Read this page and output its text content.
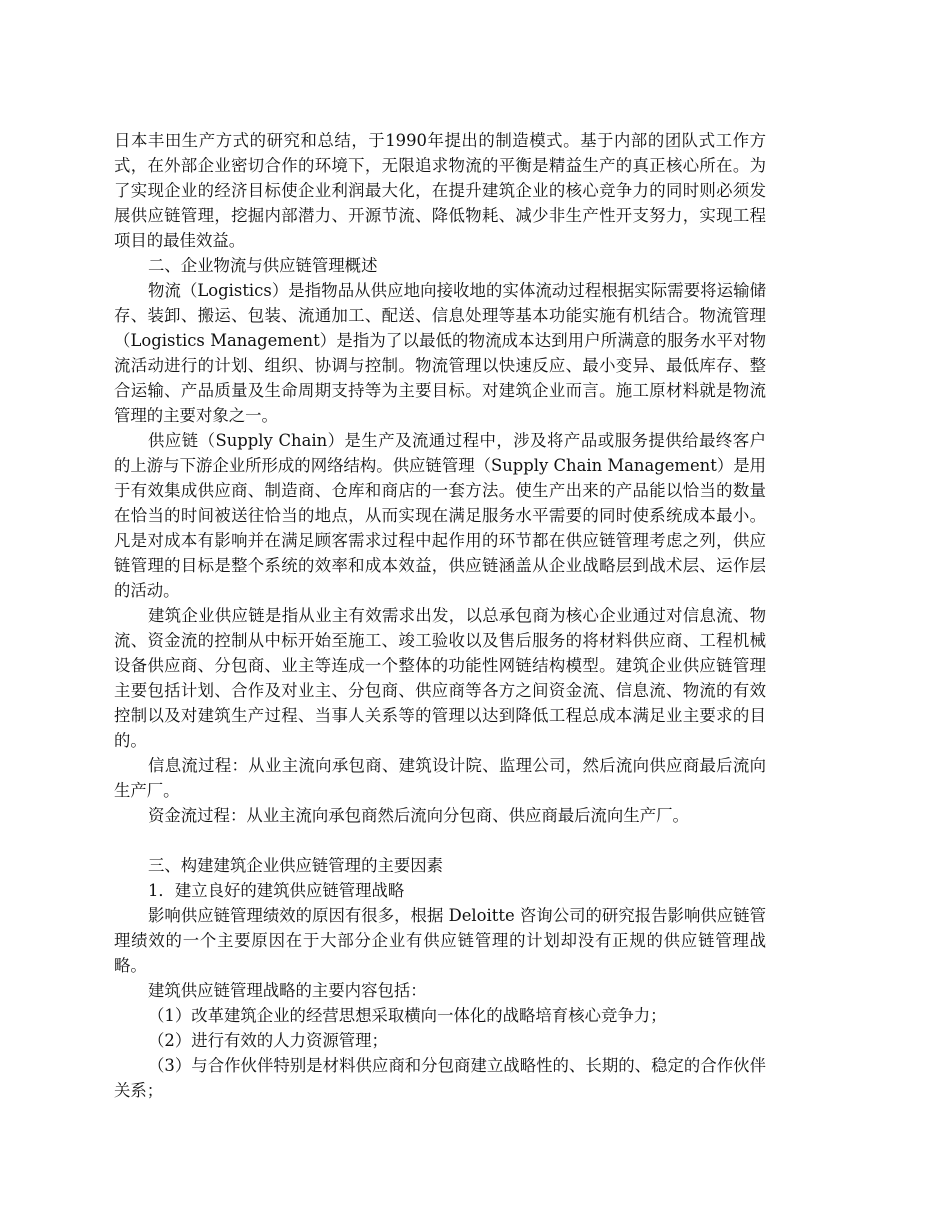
日本丰田生产方式的研究和总结，于1990年提出的制造模式。基于内部的团队式工作方式，在外部企业密切合作的环境下，无限追求物流的平衡是精益生产的真正核心所在。为了实现企业的经济目标使企业利润最大化，在提升建筑企业的核心竞争力的同时则必须发展供应链管理，挖掘内部潜力、开源节流、降低物耗、减少非生产性开支努力，实现工程项目的最佳效益。

二、企业物流与供应链管理概述

物流（Logistics）是指物品从供应地向接收地的实体流动过程根据实际需要将运输储存、装卸、搬运、包装、流通加工、配送、信息处理等基本功能实施有机结合。物流管理（Logistics Management）是指为了以最低的物流成本达到用户所满意的服务水平对物流活动进行的计划、组织、协调与控制。物流管理以快速反应、最小变异、最低库存、整合运输、产品质量及生命周期支持等为主要目标。对建筑企业而言。施工原材料就是物流管理的主要对象之一。

供应链（Supply Chain）是生产及流通过程中，涉及将产品或服务提供给最终客户的上游与下游企业所形成的网络结构。供应链管理（Supply Chain Management）是用于有效集成供应商、制造商、仓库和商店的一套方法。使生产出来的产品能以恰当的数量在恰当的时间被送往恰当的地点，从而实现在满足服务水平需要的同时使系统成本最小。凡是对成本有影响并在满足顾客需求过程中起作用的环节都在供应链管理考虑之列，供应链管理的目标是整个系统的效率和成本效益，供应链涵盖从企业战略层到战术层、运作层的活动。

建筑企业供应链是指从业主有效需求出发，以总承包商为核心企业通过对信息流、物流、资金流的控制从中标开始至施工、竣工验收以及售后服务的将材料供应商、工程机械设备供应商、分包商、业主等连成一个整体的功能性网链结构模型。建筑企业供应链管理主要包括计划、合作及对业主、分包商、供应商等各方之间资金流、信息流、物流的有效控制以及对建筑生产过程、当事人关系等的管理以达到降低工程总成本满足业主要求的目的。

信息流过程：从业主流向承包商、建筑设计院、监理公司，然后流向供应商最后流向生产厂。

资金流过程：从业主流向承包商然后流向分包商、供应商最后流向生产厂。

三、构建建筑企业供应链管理的主要因素

1．建立良好的建筑供应链管理战略

影响供应链管理绩效的原因有很多，根据 Deloitte 咨询公司的研究报告影响供应链管理绩效的一个主要原因在于大部分企业有供应链管理的计划却没有正规的供应链管理战略。

建筑供应链管理战略的主要内容包括：

（1）改革建筑企业的经营思想采取横向一体化的战略培育核心竞争力；

（2）进行有效的人力资源管理；

（3）与合作伙伴特别是材料供应商和分包商建立战略性的、长期的、稳定的合作伙伴关系；
